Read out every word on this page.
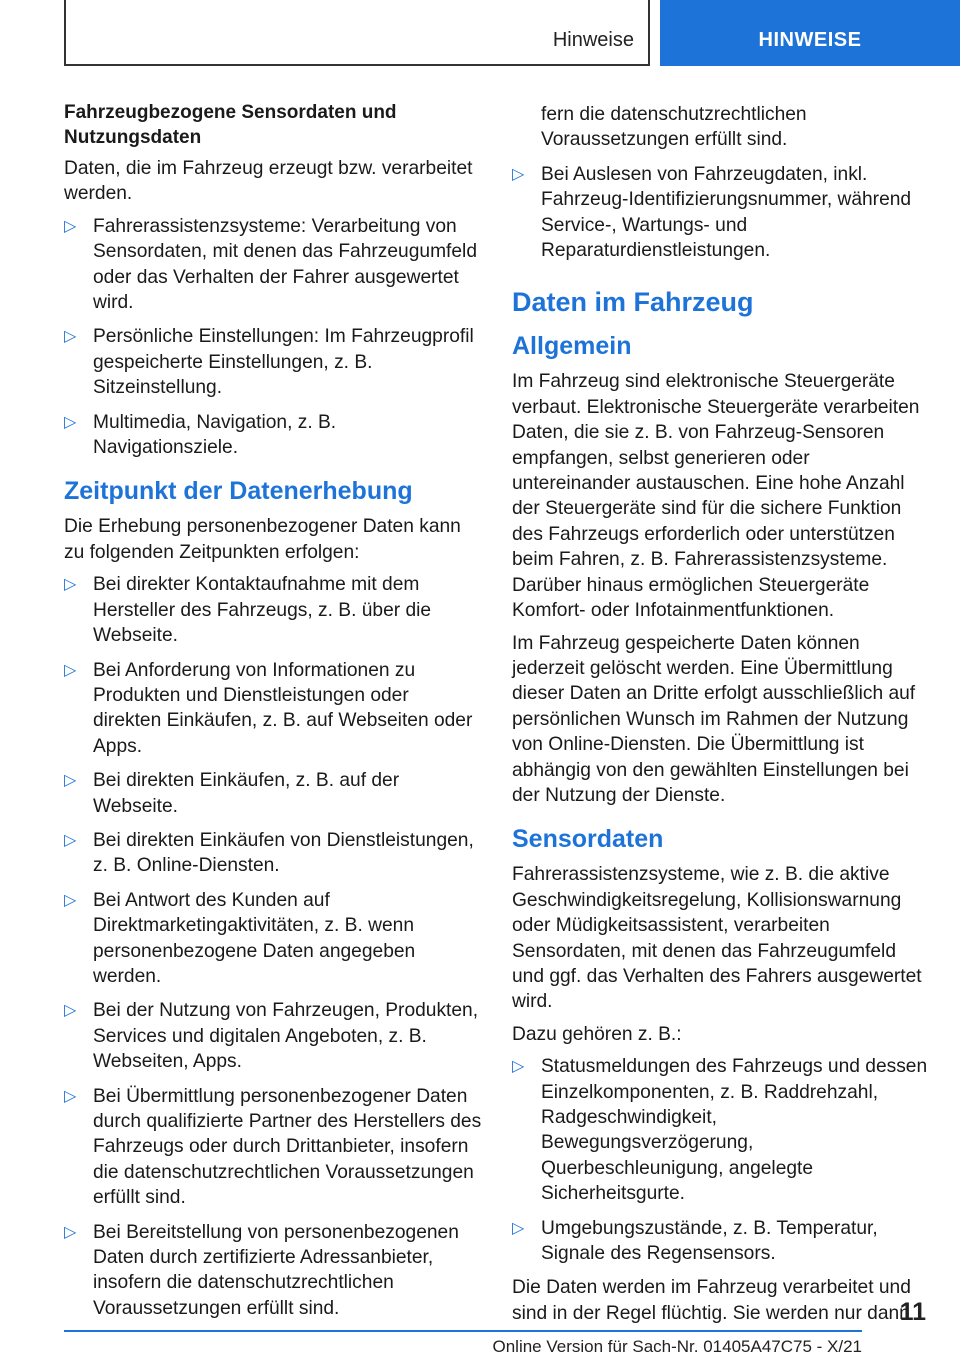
Hinweise	HINWEISE
Fahrzeugbezogene Sensordaten und Nutzungsdaten

Daten, die im Fahrzeug erzeugt bzw. verarbeitet werden.

▷ Fahrerassistenzsysteme: Verarbeitung von Sensordaten, mit denen das Fahrzeugumfeld oder das Verhalten der Fahrer ausgewertet wird.
▷ Persönliche Einstellungen: Im Fahrzeugprofil gespeicherte Einstellungen, z. B. Sitzeinstellung.
▷ Multimedia, Navigation, z. B. Navigationsziele.
Zeitpunkt der Datenerhebung

Die Erhebung personenbezogener Daten kann zu folgenden Zeitpunkten erfolgen:

▷ Bei direkter Kontaktaufnahme mit dem Hersteller des Fahrzeugs, z. B. über die Webseite.
▷ Bei Anforderung von Informationen zu Produkten und Dienstleistungen oder direkten Einkäufen, z. B. auf Webseiten oder Apps.
▷ Bei direkten Einkäufen, z. B. auf der Webseite.
▷ Bei direkten Einkäufen von Dienstleistungen, z. B. Online-Diensten.
▷ Bei Antwort des Kunden auf Direktmarketingaktivitäten, z. B. wenn personenbezogene Daten angegeben werden.
▷ Bei der Nutzung von Fahrzeugen, Produkten, Services und digitalen Angeboten, z. B. Webseiten, Apps.
▷ Bei Übermittlung personenbezogener Daten durch qualifizierte Partner des Herstellers des Fahrzeugs oder durch Drittanbieter, insofern die datenschutzrechtlichen Voraussetzungen erfüllt sind.
▷ Bei Bereitstellung von personenbezogenen Daten durch zertifizierte Adressanbieter, insofern die datenschutzrechtlichen Voraussetzungen erfüllt sind.
fern die datenschutzrechtlichen Voraussetzungen erfüllt sind.
▷ Bei Auslesen von Fahrzeugdaten, inkl. Fahrzeug-Identifizierungsnummer, während Service-, Wartungs- und Reparaturdienstleistungen.
Daten im Fahrzeug
Allgemein

Im Fahrzeug sind elektronische Steuergeräte verbaut. Elektronische Steuergeräte verarbeiten Daten, die sie z. B. von Fahrzeug-Sensoren empfangen, selbst generieren oder untereinander austauschen. Eine hohe Anzahl der Steuergeräte sind für die sichere Funktion des Fahrzeugs erforderlich oder unterstützen beim Fahren, z. B. Fahrerassistenzsysteme. Darüber hinaus ermöglichen Steuergeräte Komfort- oder Infotainmentfunktionen.

Im Fahrzeug gespeicherte Daten können jederzeit gelöscht werden. Eine Übermittlung dieser Daten an Dritte erfolgt ausschließlich auf persönlichen Wunsch im Rahmen der Nutzung von Online-Diensten. Die Übermittlung ist abhängig von den gewählten Einstellungen bei der Nutzung der Dienste.

Sensordaten

Fahrerassistenzsysteme, wie z. B. die aktive Geschwindigkeitsregelung, Kollisionswarnung oder Müdigkeitsassistent, verarbeiten Sensordaten, mit denen das Fahrzeugumfeld und ggf. das Verhalten des Fahrers ausgewertet wird.

Dazu gehören z. B.:

▷ Statusmeldungen des Fahrzeugs und dessen Einzelkomponenten, z. B. Raddrehzahl, Radgeschwindigkeit, Bewegungsverzögerung, Querbeschleunigung, angelegte Sicherheitsgurte.
▷ Umgebungszustände, z. B. Temperatur, Signale des Regensensors.

Die Daten werden im Fahrzeug verarbeitet und sind in der Regel flüchtig. Sie werden nur dann

11
Online Version für Sach-Nr. 01405A47C75 - X/21
